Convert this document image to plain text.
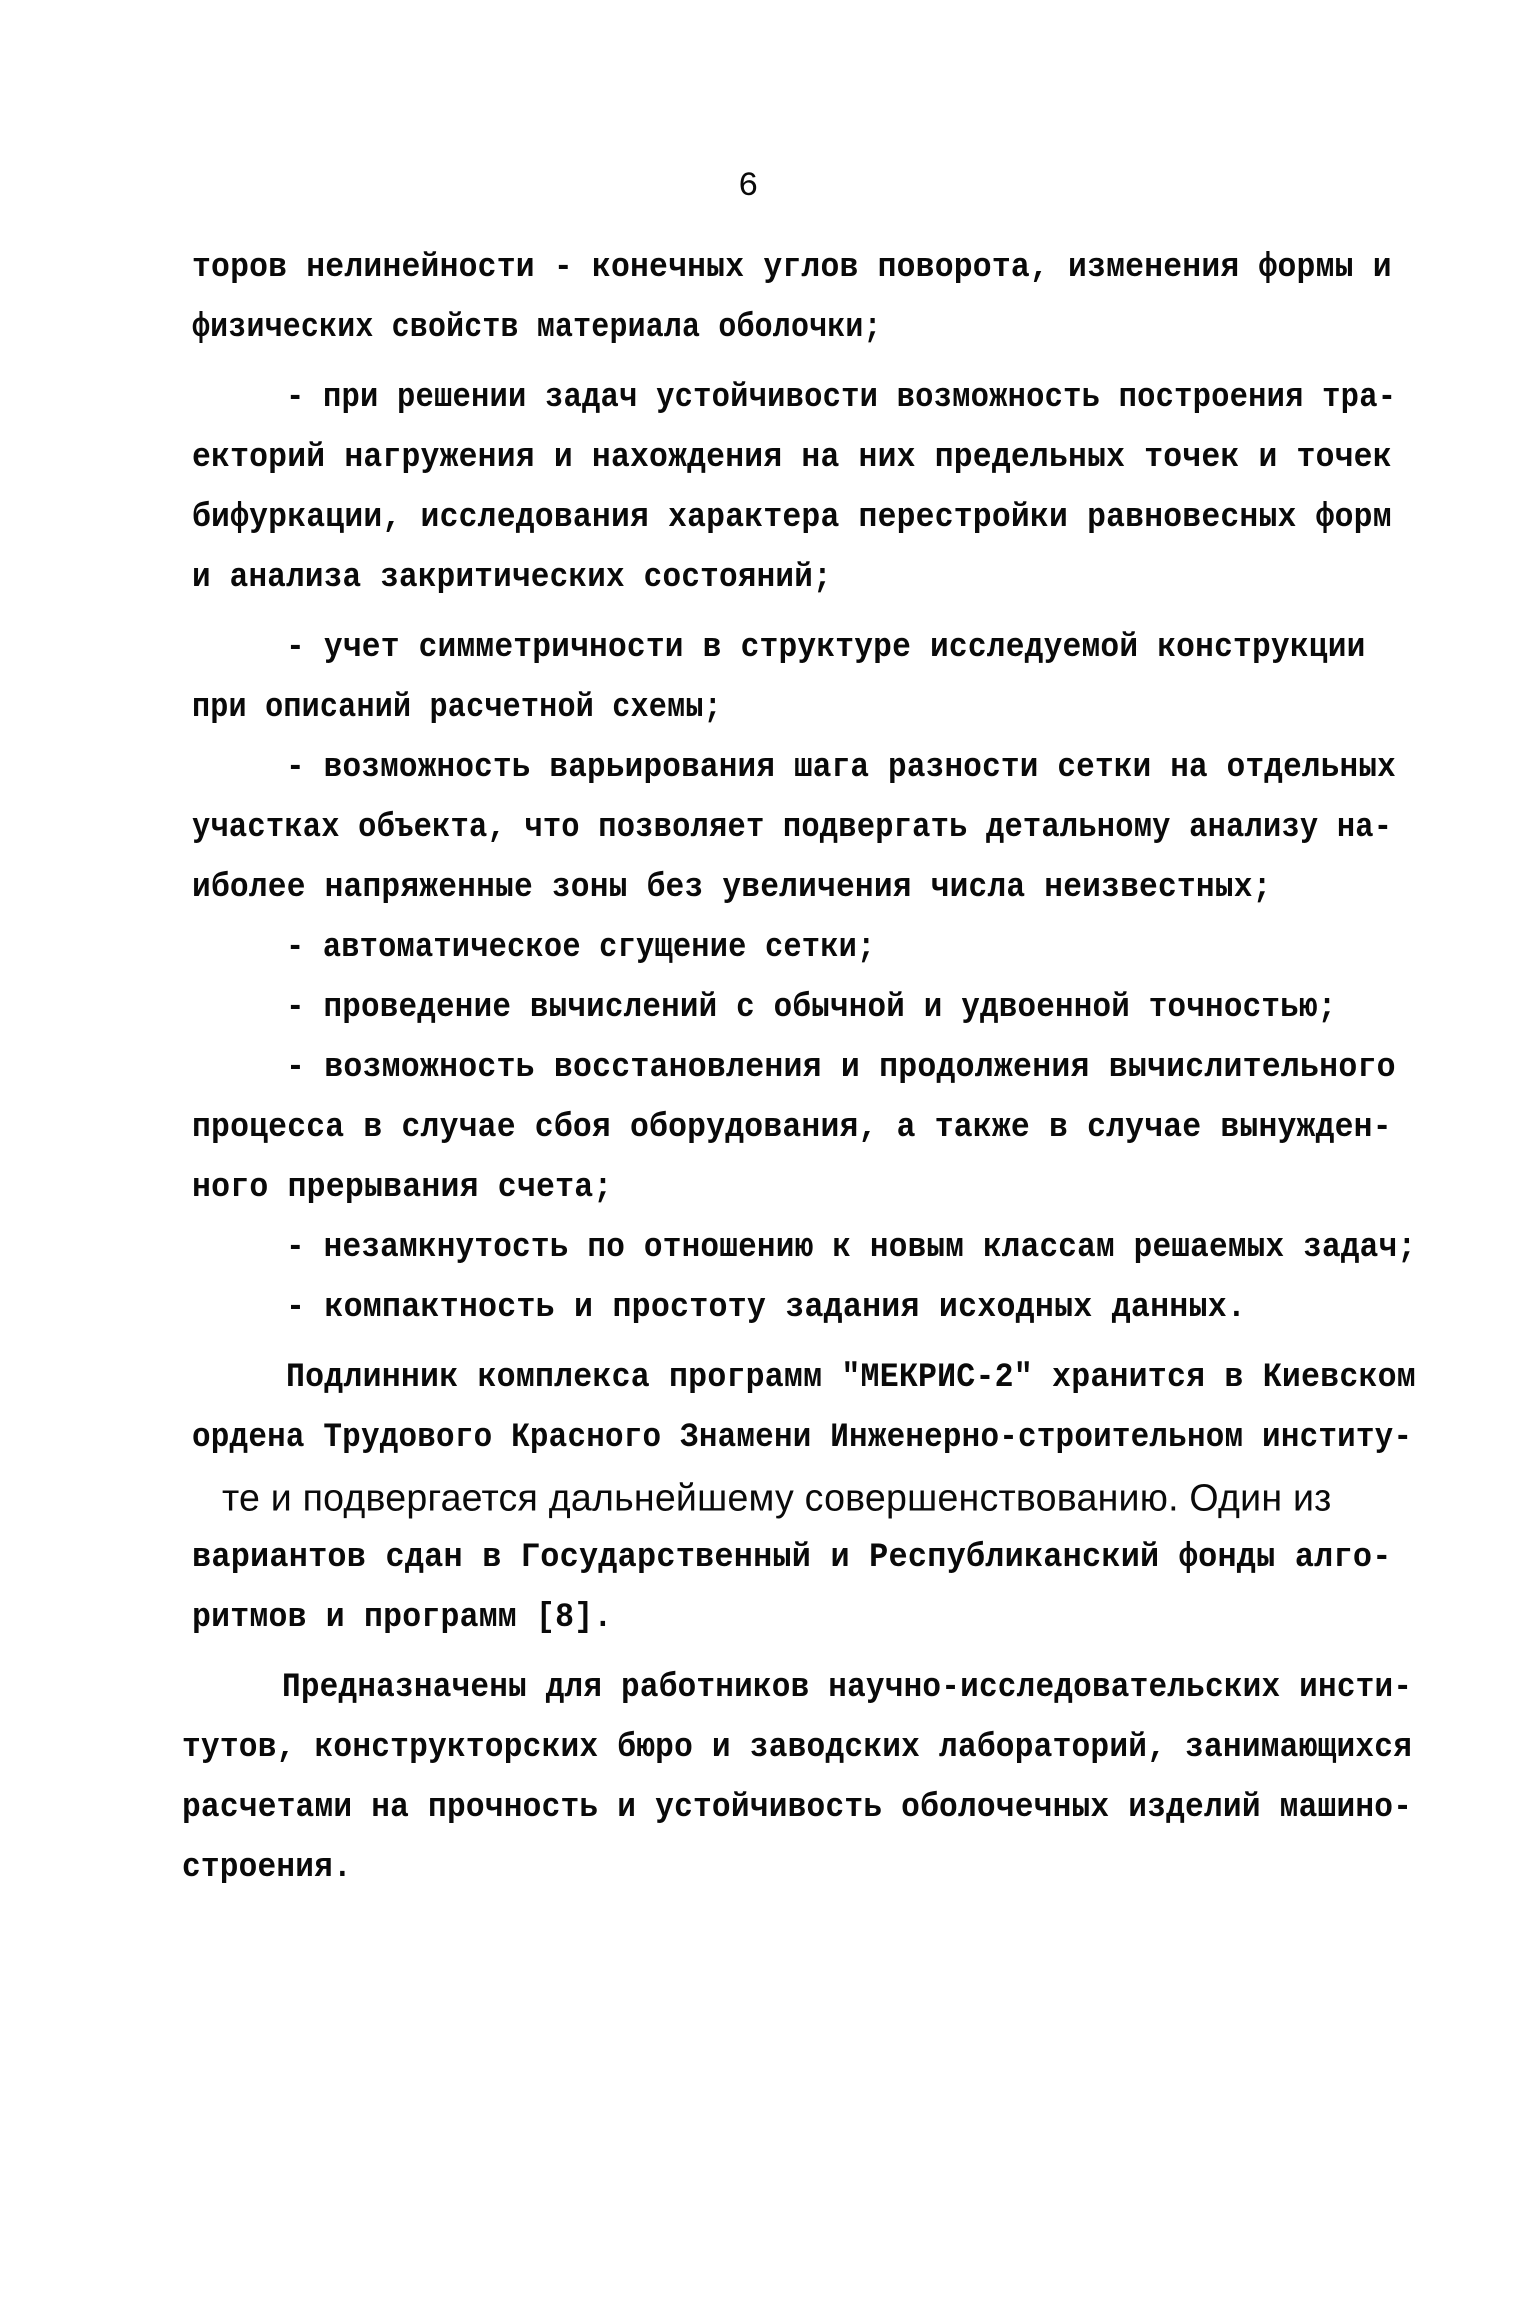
6
торов нелинейности - конечных углов поворота, изменения формы и
физических свойств материала оболочки;
- при решении задач устойчивости возможность построения тра-
екторий нагружения и нахождения на них предельных точек и точек
бифуркации, исследования характера перестройки равновесных форм
и анализа закритических состояний;
- учет симметричности в структуре исследуемой конструкции
при описаний расчетной схемы;
- возможность варьирования шага разности сетки на отдельных
участках объекта, что позволяет подвергать детальному анализу на-
иболее напряженные зоны без увеличения числа неизвестных;
- автоматическое сгущение сетки;
- проведение вычислений с обычной и удвоенной точностью;
- возможность восстановления и продолжения вычислительного
процесса в случае сбоя оборудования, а также в случае вынужден-
ного прерывания счета;
- незамкнутость по отношению к новым классам решаемых задач;
- компактность и простоту задания исходных данных.
Подлинник комплекса программ "МЕКРИС-2" хранится в Киевском
ордена Трудового Красного Знамени Инженерно-строительном институ-
те и подвергается дальнейшему совершенствованию. Один из
вариантов сдан в Государственный и Республиканский фонды алго-
ритмов и программ [8].
Предназначены для работников научно-исследовательских инсти-
тутов, конструкторских бюро и заводских лабораторий, занимающихся
расчетами на прочность и устойчивость оболочечных изделий машино-
строения.
